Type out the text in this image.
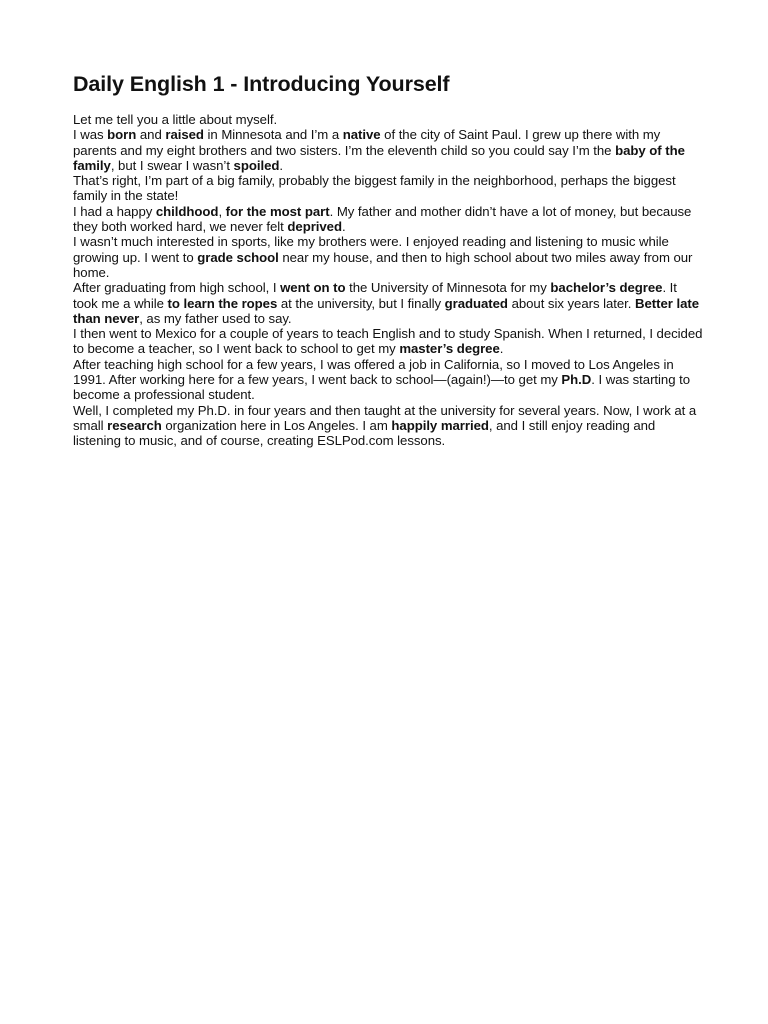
Daily English 1 - Introducing Yourself

Let me tell you a little about myself.

I was born and raised in Minnesota and I’m a native of the city of Saint Paul. I grew up there with my parents and my eight brothers and two sisters. I’m the eleventh child so you could say I’m the baby of the family, but I swear I wasn’t spoiled.

That’s right, I’m part of a big family, probably the biggest family in the neighborhood, perhaps the biggest family in the state!

I had a happy childhood, for the most part. My father and mother didn’t have a lot of money, but because they both worked hard, we never felt deprived.

I wasn’t much interested in sports, like my brothers were. I enjoyed reading and listening to music while growing up. I went to grade school near my house, and then to high school about two miles away from our home.

After graduating from high school, I went on to the University of Minnesota for my bachelor’s degree. It took me a while to learn the ropes at the university, but I finally graduated about six years later. Better late than never, as my father used to say.

I then went to Mexico for a couple of years to teach English and to study Spanish. When I returned, I decided to become a teacher, so I went back to school to get my master’s degree.

After teaching high school for a few years, I was offered a job in California, so I moved to Los Angeles in 1991. After working here for a few years, I went back to school—(again!)—to get my Ph.D. I was starting to become a professional student.

Well, I completed my Ph.D. in four years and then taught at the university for several years. Now, I work at a small research organization here in Los Angeles. I am happily married, and I still enjoy reading and listening to music, and of course, creating ESLPod.com lessons.
